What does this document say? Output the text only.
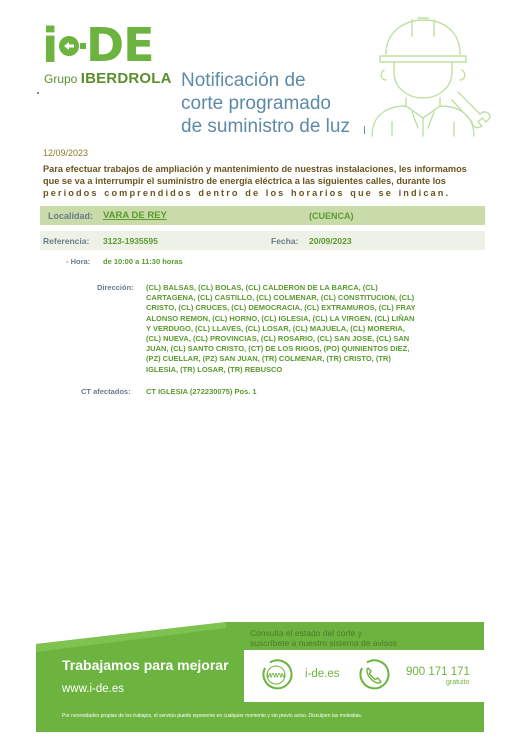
i DE
Grupo IBERDROLA Notificación de
corte programado
de suministro de luz
12/09/2023
Para efectuar trabajos de ampliación y mantenimiento de nuestras instalaciones, les informamos
que se va a interrumpir el suministro de energía eléctrica a las siguientes calles, durante los
periodos comprendidos dentro de los horarios que se indican.
Localidad: VARA DE REY	(CUENCA)
Referencia: 3123-1935595	Fecha: 20/09/2023
- Hora: de 10:00 a 11:30 horas
Dirección: (CL) BALSAS, (CL) BOLAS, (CL) CALDERON DE LA BARCA, (CL)
CARTAGENA, (CL) CASTILLO, (CL) COLMENAR, (CL) CONSTITUCION, (CL)
CRISTO, (CL) CRUCES, (CL) DEMOCRACIA, (CL) EXTRAMUROS, (CL) FRAY
ALONSO REMON, (CL) HORNO, (CL) IGLESIA, (CL) LA VIRGEN, (CL) LIÑAN
Y VERDUGO, (CL) LLAVES, (CL) LOSAR, (CL) MAJUELA, (CL) MORERIA,
(CL) NUEVA, (CL) PROVINCIAS, (CL) ROSARIO, (CL) SAN JOSE, (CL) SAN
JUAN, (CL) SANTO CRISTO, (CT) DE LOS RIGOS, (PO) QUINIENTOS DIEZ,
(PZ) CUELLAR, (PZ) SAN JUAN, (TR) COLMENAR, (TR) CRISTO, (TR)
IGLESIA, (TR) LOSAR, (TR) REBUSCO
CT afectados: CT IGLESIA (272230075) Pos. 1
Consulta el estado del corte y
suscríbete a nuestro sistema de avisos
Trabajamos para mejorar
www.i-de.es
WWW i-de.es	900 171 171
gratuito
Por necesidades propias de los trabajos, el servicio puede reponerse en cualquier momento y sin previo aviso. Disculpen las molestias.
